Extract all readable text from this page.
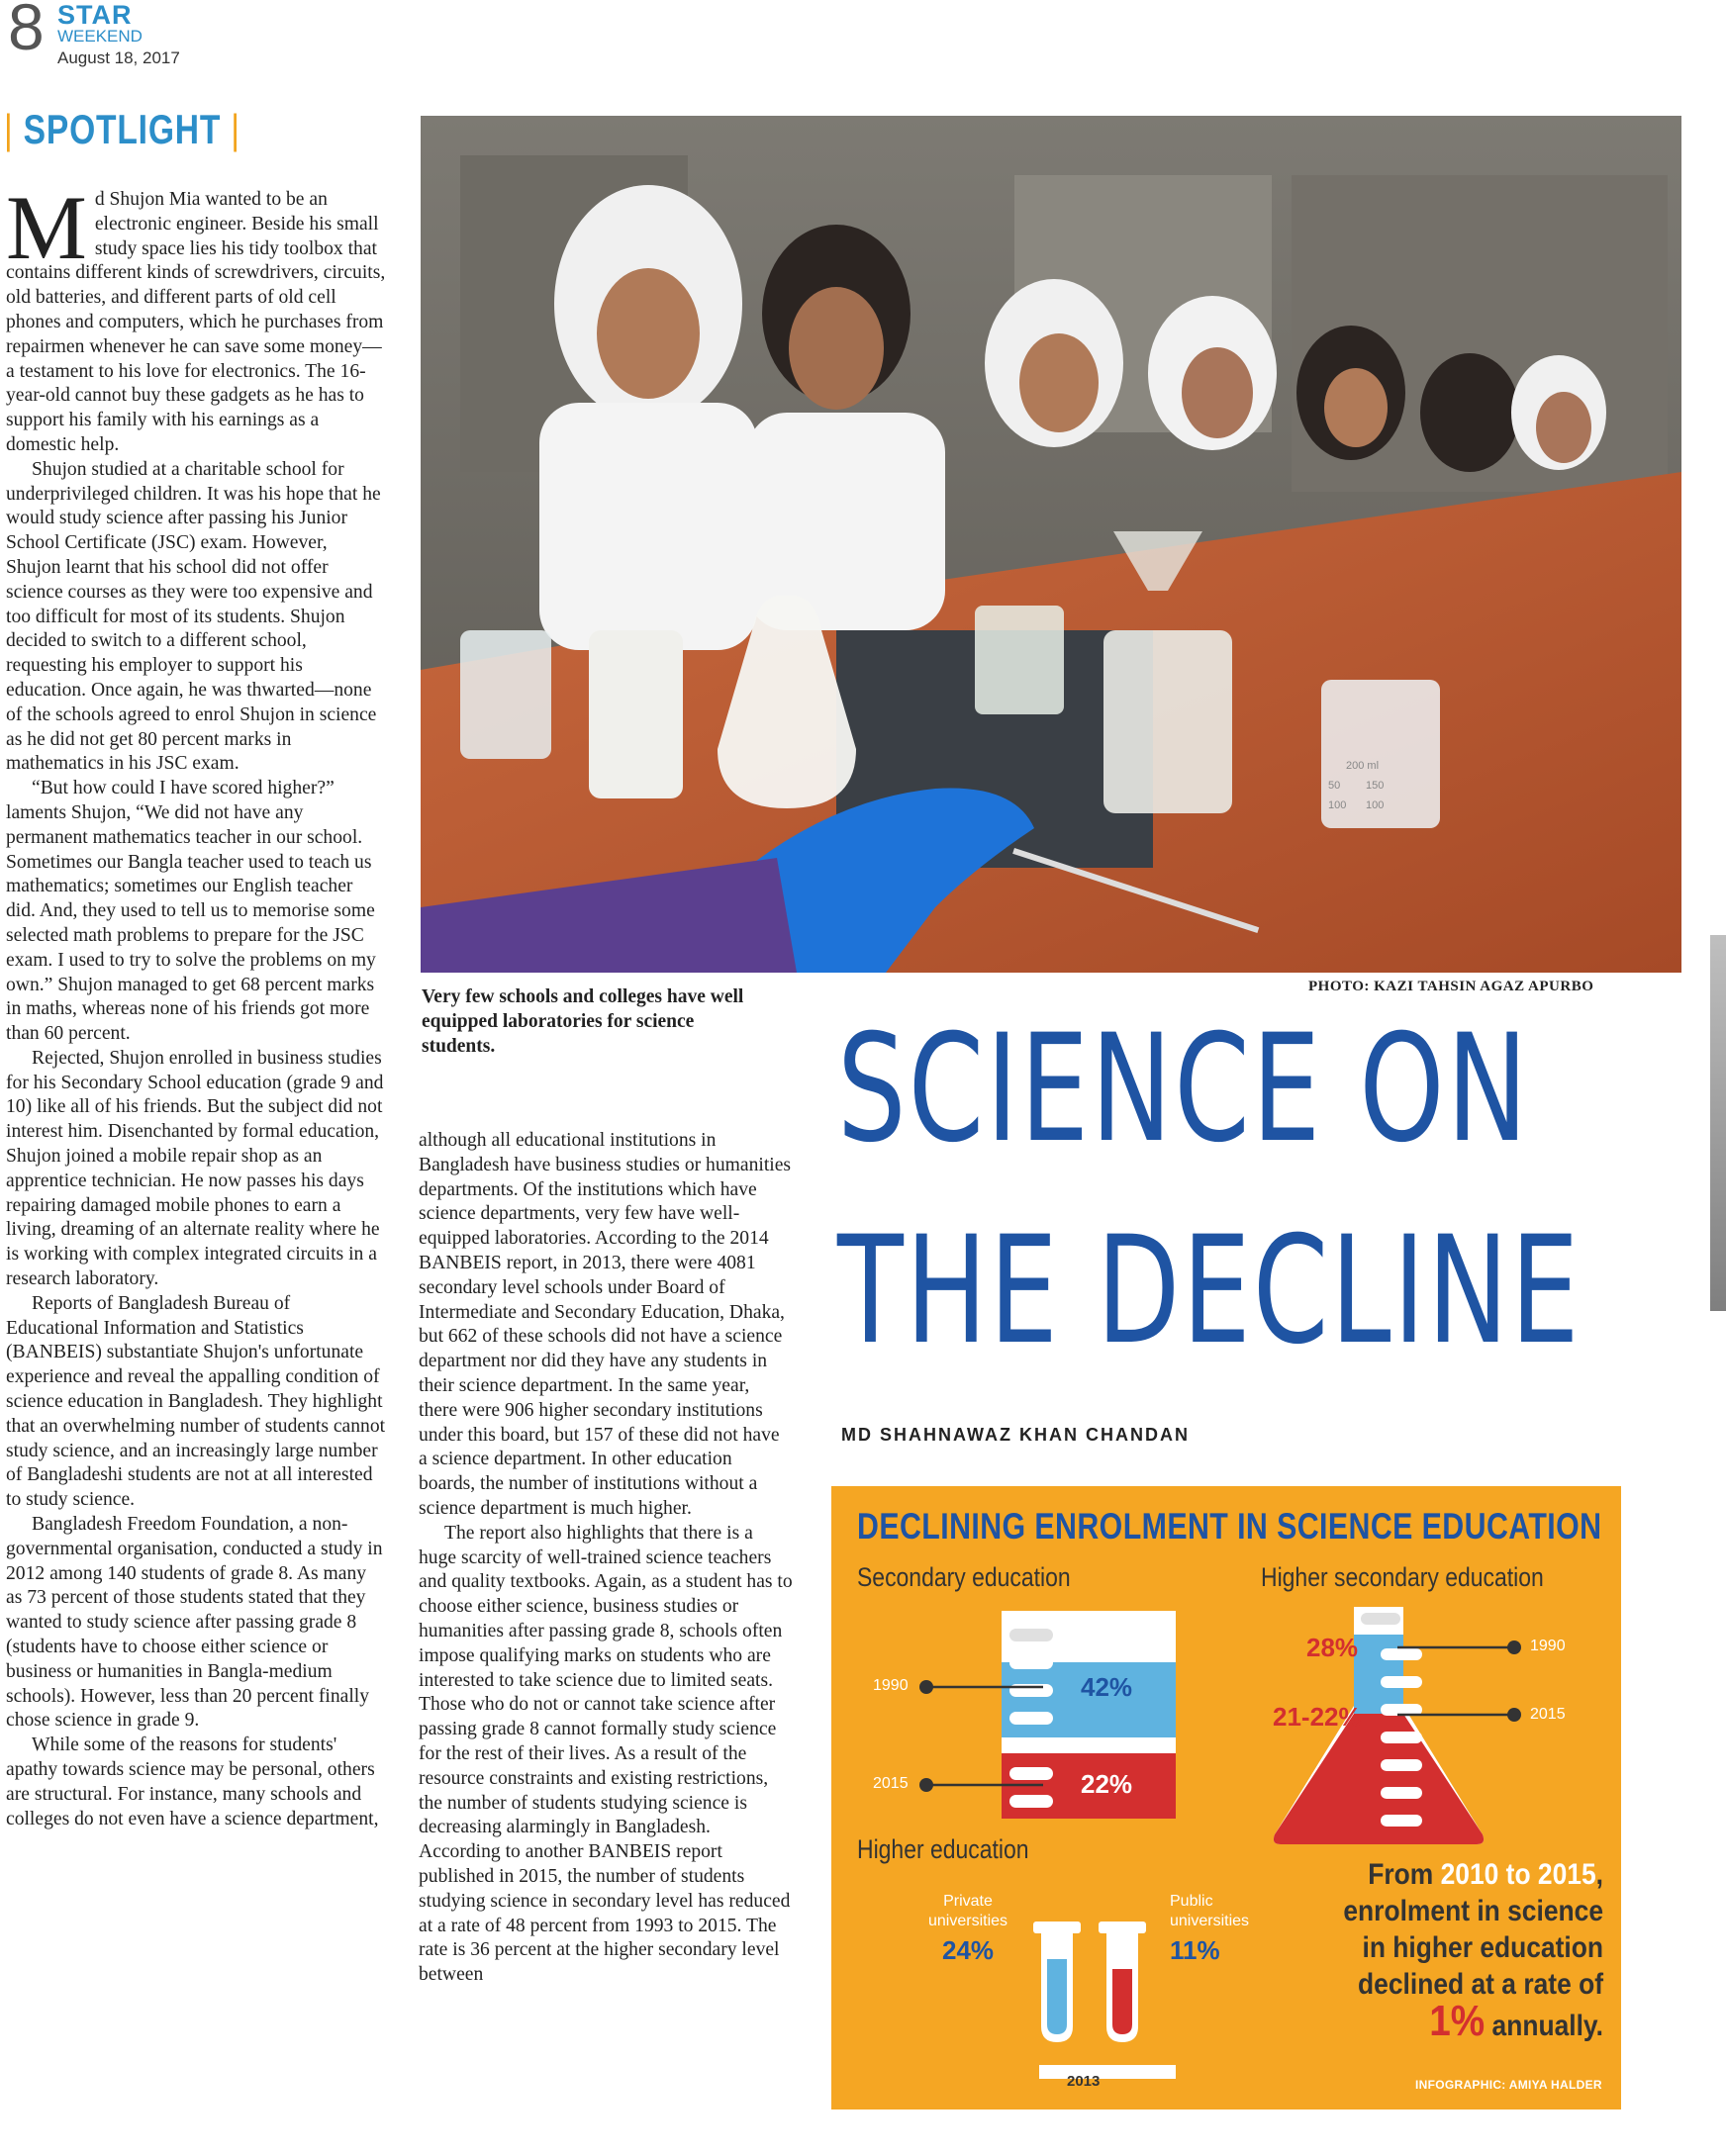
8 STAR
WEEKEND
August 18, 2017
| SPOTLIGHT |

Md Shujon Mia wanted to be an electronic engineer. Beside his small study space lies his tidy toolbox that contains different kinds of screwdrivers, circuits, old batteries, and different parts of old cell phones and computers, which he purchases from repairmen whenever he can save some money—a testament to his love for electronics. The 16-year-old cannot buy these gadgets as he has to support his family with his earnings as a domestic help.

Shujon studied at a charitable school for underprivileged children. It was his hope that he would study science after passing his Junior School Certificate (JSC) exam. However, Shujon learnt that his school did not offer science courses as they were too expensive and too difficult for most of its students. Shujon decided to switch to a different school, requesting his employer to support his education. Once again, he was thwarted—none of the schools agreed to enrol Shujon in science as he did not get 80 percent marks in mathematics in his JSC exam.

“But how could I have scored higher?” laments Shujon, “We did not have any permanent mathematics teacher in our school. Sometimes our Bangla teacher used to teach us mathematics; sometimes our English teacher did. And, they used to tell us to memorise some selected math problems to prepare for the JSC exam. I used to try to solve the problems on my own.” Shujon managed to get 68 percent marks in maths, whereas none of his friends got more than 60 percent.

Rejected, Shujon enrolled in business studies for his Secondary School education (grade 9 and 10) like all of his friends. But the subject did not interest him. Disenchanted by formal education, Shujon joined a mobile repair shop as an apprentice technician. He now passes his days repairing damaged mobile phones to earn a living, dreaming of an alternate reality where he is working with complex integrated circuits in a research laboratory.

Reports of Bangladesh Bureau of Educational Information and Statistics (BANBEIS) substantiate Shujon's unfortunate experience and reveal the appalling condition of science education in Bangladesh. They highlight that an overwhelming number of students cannot study science, and an increasingly large number of Bangladeshi students are not at all interested to study science.

Bangladesh Freedom Foundation, a non-governmental organisation, conducted a study in 2012 among 140 students of grade 8. As many as 73 percent of those students stated that they wanted to study science after passing grade 8 (students have to choose either science or business or humanities in Bangla-medium schools). However, less than 20 percent finally chose science in grade 9.

While some of the reasons for students' apathy towards science may be personal, others are structural. For instance, many schools and colleges do not even have a science department,

200 ml
150
100
50
100
Very few schools and colleges have well equipped laboratories for science students.
PHOTO: KAZI TAHSIN AGAZ APURBO

although all educational institutions in Bangladesh have business studies or humanities departments. Of the institutions which have science departments, very few have well-equipped laboratories. According to the 2014 BANBEIS report, in 2013, there were 4081 secondary level schools under Board of Intermediate and Secondary Education, Dhaka, but 662 of these schools did not have a science department nor did they have any students in their science department. In the same year, there were 906 higher secondary institutions under this board, but 157 of these did not have a science department. In other education boards, the number of institutions without a science department is much higher.

The report also highlights that there is a huge scarcity of well-trained science teachers and quality textbooks. Again, as a student has to choose either science, business studies or humanities after passing grade 8, schools often impose qualifying marks on students who are interested to take science due to limited seats. Those who do not or cannot take science after passing grade 8 cannot formally study science for the rest of their lives. As a result of the resource constraints and existing restrictions, the number of students studying science is decreasing alarmingly in Bangladesh. According to another BANBEIS report published in 2015, the number of students studying science in secondary level has reduced at a rate of 48 percent from 1993 to 2015. The rate is 36 percent at the higher secondary level between

SCIENCE ON
THE DECLINE
MD SHAHNAWAZ KHAN CHANDAN
DECLINING ENROLMENT IN SCIENCE EDUCATION
Secondary education	Higher secondary education
Higher education
1990	42%
2015	22%
28%	1990
21-22%	2015
Private
universities
24%
Public
universities
11%
2013
From 2010 to 2015, enrolment in science in higher education declined at a rate of 1% annually.
INFOGRAPHIC: AMIYA HALDER
